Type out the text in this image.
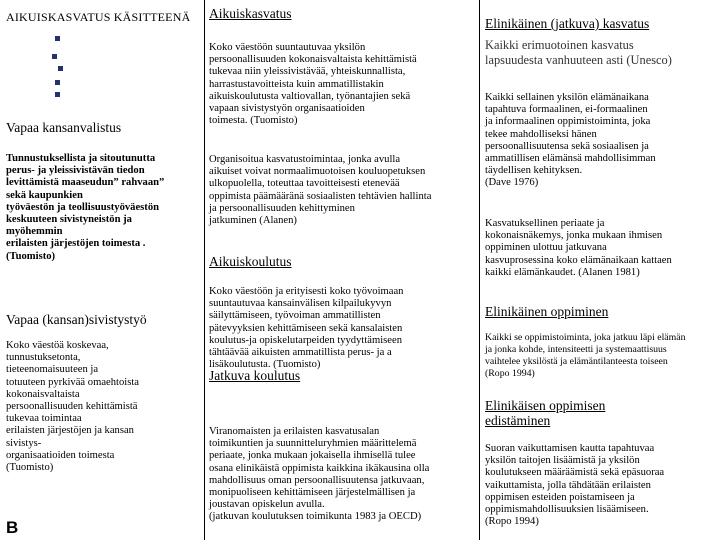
AIKUISKASVATUS KÄSITTEENÄ
Vapaa kansanvalistus
Tunnustuksellista ja sitoutunutta
perus- ja yleissivistävän tiedon
levittämistä maaseudun” rahvaan”
sekä kaupunkien
työväestön ja teollisuustyöväestön
keskuuteen sivistyneistön ja
myöhemmin
erilaisten järjestöjen toimesta .
(Tuomisto)
Vapaa (kansan)sivistystyö
Koko väestöä koskevaa,
tunnustuksetonta,
tieteenomaisuuteen ja
totuuteen pyrkivää omaehtoista
kokonaisvaltaista
persoonallisuuden kehittämistä
tukevaa toimintaa
erilaisten järjestöjen ja kansan
sivistys-
organisaatioiden toimesta
(Tuomisto)
B
Aikuiskasvatus
Koko väestöön suuntautuvaa yksilön
persoonallisuuden kokonaisvaltaista kehittämistä
tukevaa niin yleissivistävää, yhteiskunnallista,
harrastustavoitteista kuin ammatillistakin
aikuiskoulutusta valtiovallan, työnantajien sekä
vapaan sivistystyön organisaatioiden
toimesta. (Tuomisto)
Organisoitua kasvatustoimintaa, jonka avulla
aikuiset voivat normaalimuotoisen kouluopetuksen
ulkopuolella, toteuttaa tavoitteisesti etenevää
oppimista päämääränä sosiaalisten tehtävien hallinta
ja persoonallisuuden kehittyminen
jatkuminen (Alanen)
Aikuiskoulutus
Koko väestöön ja erityisesti koko työvoimaan
suuntautuvaa kansainvälisen kilpailukyvyn
säilyttämiseen, työvoiman ammatillisten
pätevyyksien kehittämiseen sekä kansalaisten
koulutus-ja opiskelutarpeiden tyydyttämiseen
tähtäävää aikuisten ammatillista perus- ja a
lisäkoulutusta. (Tuomisto)
Jatkuva koulutus
Viranomaisten ja erilaisten kasvatusalan
toimikuntien ja suunnitteluryhmien määrittelemä
periaate, jonka mukaan jokaisella ihmisellä tulee
osana elinikäistä oppimista kaikkina ikäkausina olla
mahdollisuus oman persoonallisuutensa jatkuvaan,
monipuoliseen kehittämiseen järjestelmällisen ja
joustavan opiskelun avulla.
(jatkuvan koulutuksen toimikunta 1983 ja OECD)
Elinikäinen (jatkuva) kasvatus
Kaikki erimuotoinen kasvatus
lapsuudesta vanhuuteen asti (Unesco)
Kaikki sellainen yksilön elämänaikana
tapahtuva formaalinen, ei-formaalinen
ja informaalinen oppimistoiminta, joka
tekee mahdolliseksi hänen
persoonallisuutensa sekä sosiaalisen ja
ammatillisen elämänsä mahdollisimman
täydellisen kehityksen.
(Dave 1976)
Kasvatuksellinen periaate ja
kokonaisnäkemys, jonka mukaan ihmisen
oppiminen ulottuu jatkuvana
kasvuprosessina koko elämänaikaan kattaen
kaikki elämänkaudet. (Alanen 1981)
Elinikäinen oppiminen
Kaikki se oppimistoiminta, joka jatkuu läpi elämän
ja jonka kohde, intensiteetti ja systemaattisuus
vaihtelee yksilöstä ja elämäntilanteesta toiseen
(Ropo 1994)
Elinikäisen oppimisen
edistäminen
Suoran vaikuttamisen kautta tapahtuvaa
yksilön taitojen lisäämistä ja yksilön
koulutukseen määräämistä sekä epäsuoraa
vaikuttamista, jolla tähdätään erilaisten
oppimisen esteiden poistamiseen ja
oppimismahdollisuuksien lisäämiseen.
(Ropo 1994)
